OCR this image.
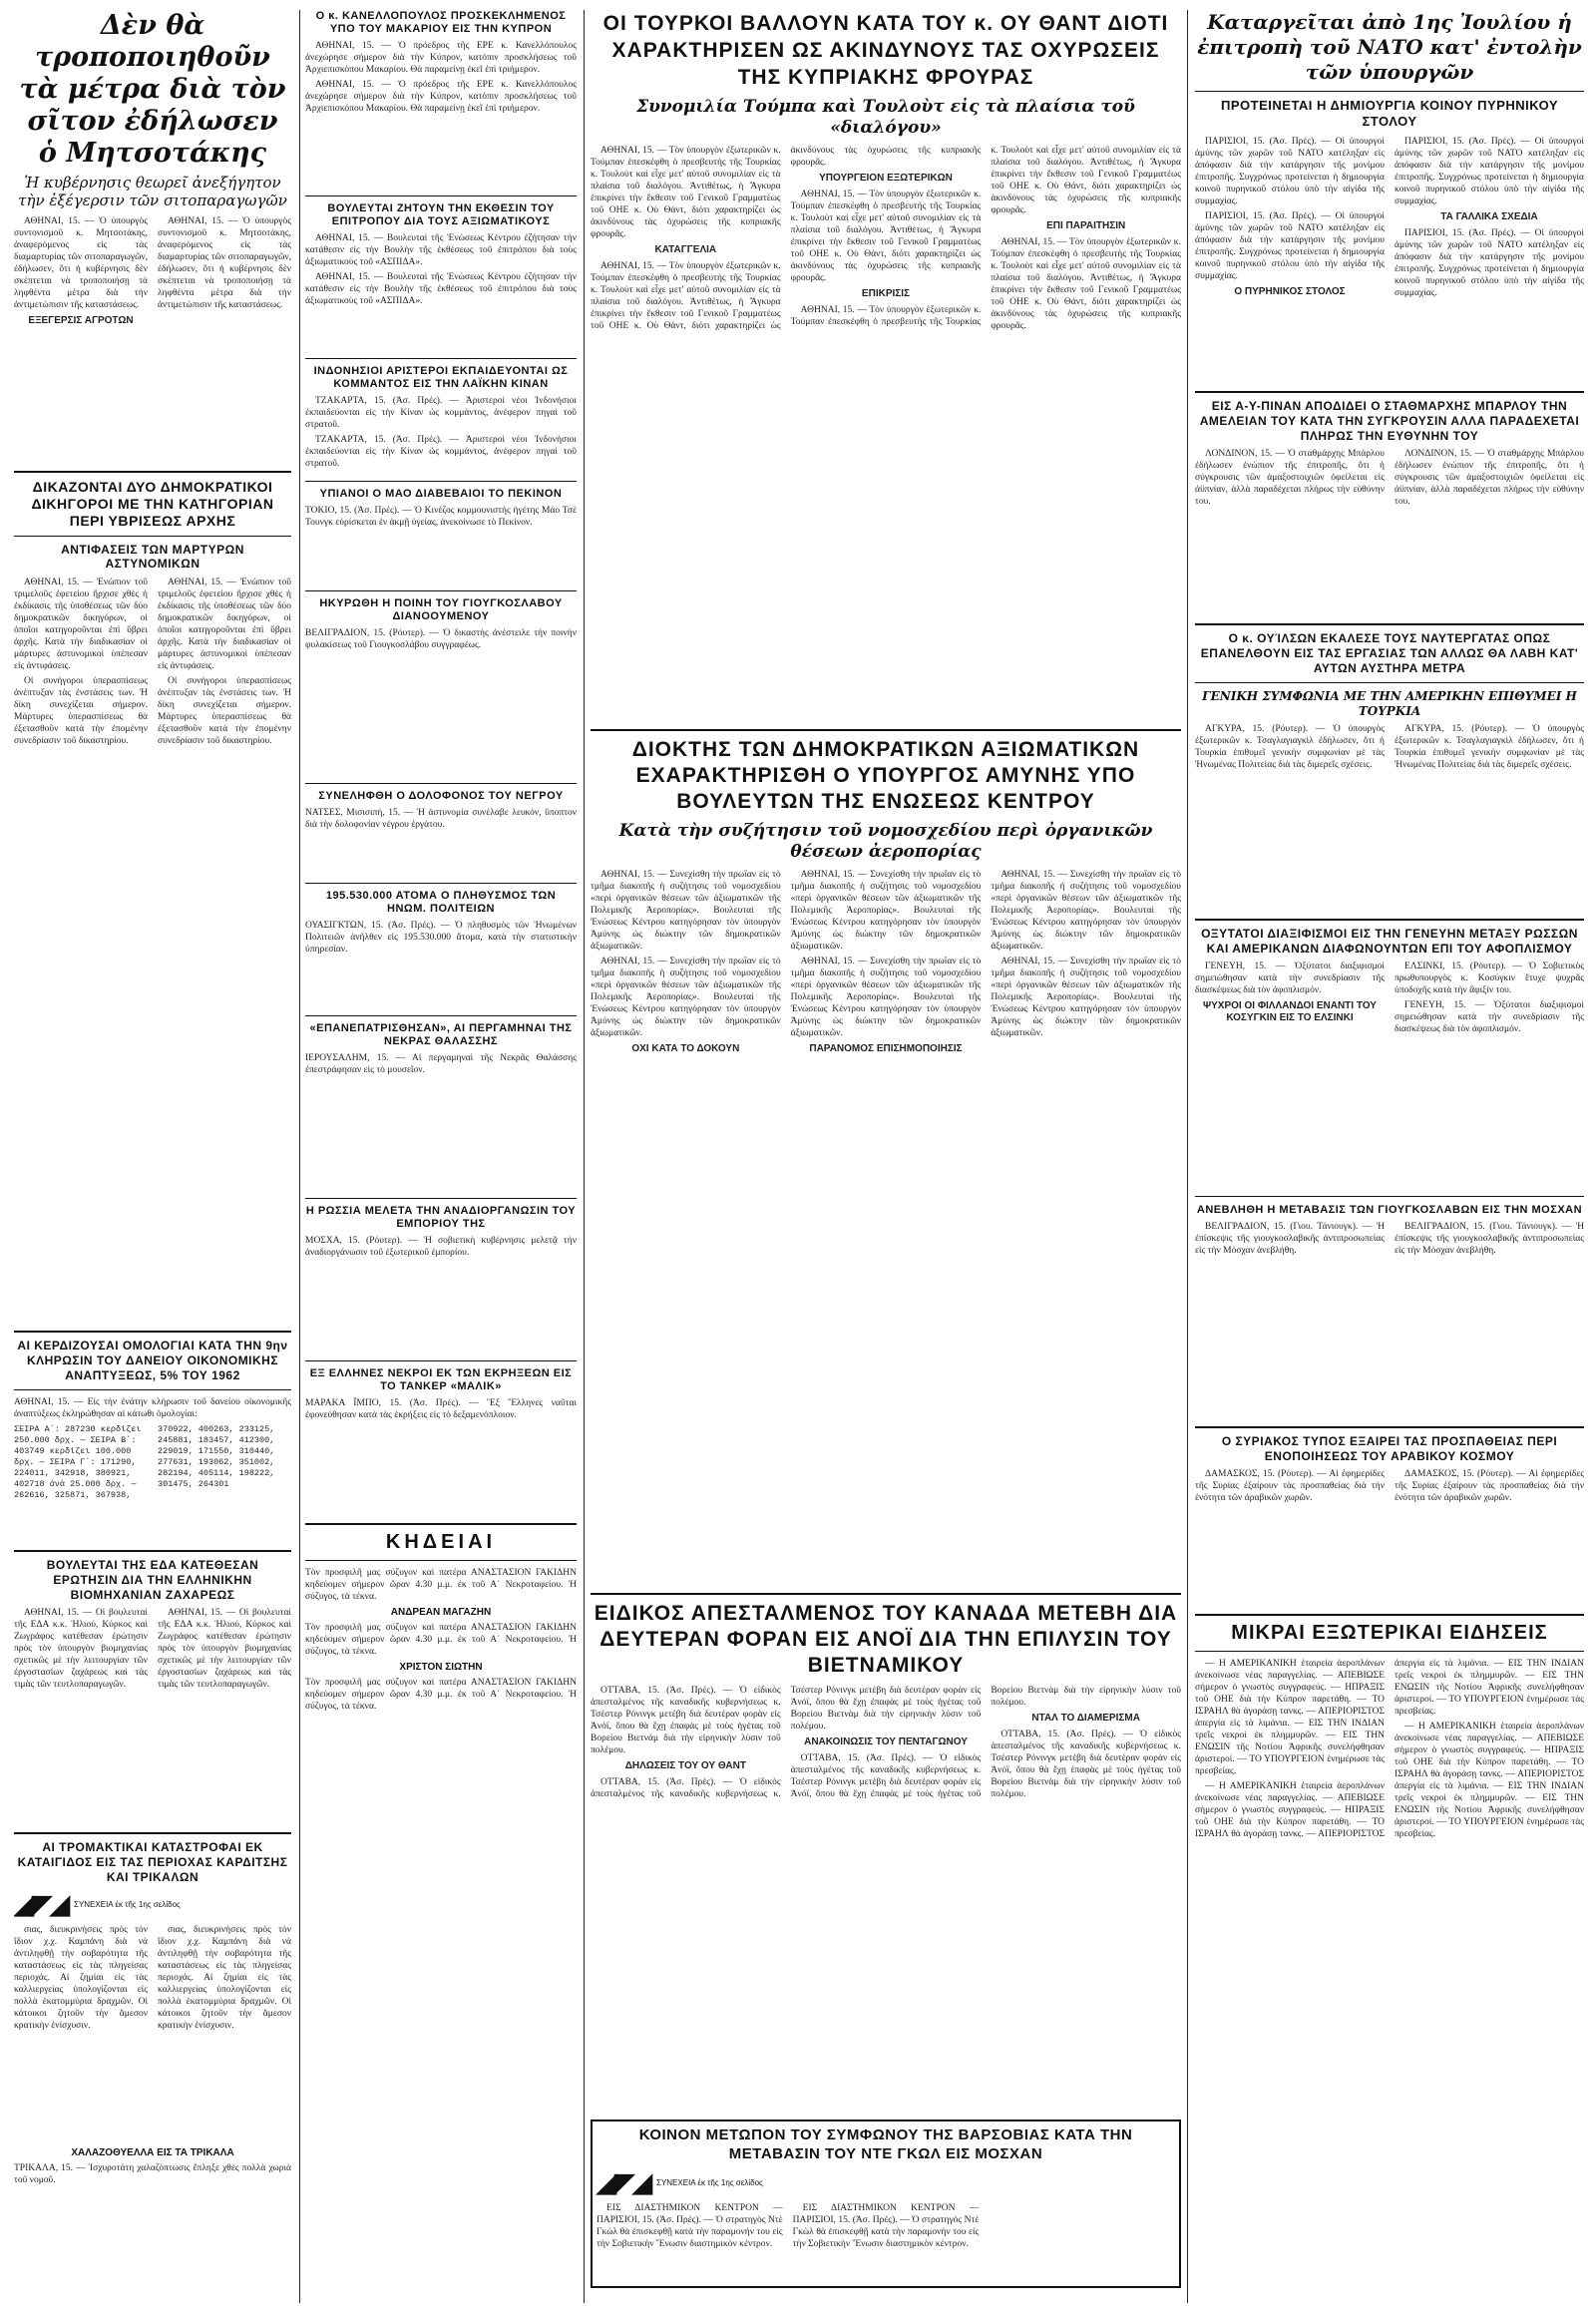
Δὲν θὰ τροποποιηθοῦν τὰ μέτρα διὰ τὸν σῖτον ἐδήλωσεν ὁ Μητσοτάκης
Ἡ κυβέρνησις θεωρεῖ ἀνεξήγητον τὴν ἐξέγερσιν τῶν σιτοπαραγωγῶν

ΑΘΗΝΑΙ, 15. — Ὁ ὑπουργὸς συντονισμοῦ κ. Μητσοτάκης, ἀναφερόμενος εἰς τὰς διαμαρτυρίας τῶν σιτοπαραγωγῶν, ἐδήλωσεν, ὅτι ἡ κυβέρνησις δὲν σκέπτεται νὰ τροποποιήσῃ τὰ ληφθέντα μέτρα διὰ τὴν ἀντιμετώπισιν τῆς καταστάσεως.

ΕΞΕΓΕΡΣΙΣ ΑΓΡΟΤΩΝ

ΑΘΗΝΑΙ, 15. — Ὁ ὑπουργὸς συντονισμοῦ κ. Μητσοτάκης, ἀναφερόμενος εἰς τὰς διαμαρτυρίας τῶν σιτοπαραγωγῶν, ἐδήλωσεν, ὅτι ἡ κυβέρνησις δὲν σκέπτεται νὰ τροποποιήσῃ τὰ ληφθέντα μέτρα διὰ τὴν ἀντιμετώπισιν τῆς καταστάσεως.

ΔΙΚΑΖΟΝΤΑΙ ΔΥΟ ΔΗΜΟΚΡΑΤΙΚΟΙ ΔΙΚΗΓΟΡΟΙ ΜΕ ΤΗΝ ΚΑΤΗΓΟΡΙΑΝ ΠΕΡΙ ΥΒΡΙΣΕΩΣ ΑΡΧΗΣ
ΑΝΤΙΦΑΣΕΙΣ ΤΩΝ ΜΑΡΤΥΡΩΝ ΑΣΤΥΝΟΜΙΚΩΝ

ΑΘΗΝΑΙ, 15. — Ἐνώπιον τοῦ τριμελοῦς ἐφετείου ἤρχισε χθὲς ἡ ἐκδίκασις τῆς ὑποθέσεως τῶν δύο δημοκρατικῶν δικηγόρων, οἱ ὁποῖοι κατηγοροῦνται ἐπὶ ὕβρει ἀρχῆς. Κατὰ τὴν διαδικασίαν οἱ μάρτυρες ἀστυνομικοὶ ὑπέπεσαν εἰς ἀντιφάσεις.

Οἱ συνήγοροι ὑπερασπίσεως ἀνέπτυξαν τὰς ἐνστάσεις των. Ἡ δίκη συνεχίζεται σήμερον. Μάρτυρες ὑπερασπίσεως θὰ ἐξετασθοῦν κατὰ τὴν ἐπομένην συνεδρίασιν τοῦ δικαστηρίου.

ΑΘΗΝΑΙ, 15. — Ἐνώπιον τοῦ τριμελοῦς ἐφετείου ἤρχισε χθὲς ἡ ἐκδίκασις τῆς ὑποθέσεως τῶν δύο δημοκρατικῶν δικηγόρων, οἱ ὁποῖοι κατηγοροῦνται ἐπὶ ὕβρει ἀρχῆς. Κατὰ τὴν διαδικασίαν οἱ μάρτυρες ἀστυνομικοὶ ὑπέπεσαν εἰς ἀντιφάσεις.

Οἱ συνήγοροι ὑπερασπίσεως ἀνέπτυξαν τὰς ἐνστάσεις των. Ἡ δίκη συνεχίζεται σήμερον. Μάρτυρες ὑπερασπίσεως θὰ ἐξετασθοῦν κατὰ τὴν ἐπομένην συνεδρίασιν τοῦ δικαστηρίου.

ΑΙ ΚΕΡΔΙΖΟΥΣΑΙ ΟΜΟΛΟΓΙΑΙ ΚΑΤΑ ΤΗΝ 9ην ΚΛΗΡΩΣΙΝ ΤΟΥ ΔΑΝΕΙΟΥ ΟΙΚΟΝΟΜΙΚΗΣ ΑΝΑΠΤΥΞΕΩΣ, 5% ΤΟΥ 1962
ΑΘΗΝΑΙ, 15. — Εἰς τὴν ἐνάτην κλήρωσιν τοῦ δανείου οἰκονομικῆς ἀναπτύξεως ἐκληρώθησαν αἱ κάτωθι ὁμολογίαι:
ΣΕΙΡΑ Α΄: 287230 κερδίζει 250.000 δρχ. — ΣΕΙΡΑ Β΄: 403749 κερδίζει 100.000 δρχ. — ΣΕΙΡΑ Γ΄: 171290, 224011, 342918, 380921, 402718 ἀνὰ 25.000 δρχ. — 262616, 325871, 367938, 370922, 400263, 233125, 245881, 183457, 412300, 229019, 171550, 310440, 277631, 193062, 351002, 282194, 405114, 198222, 301475, 264301
ΒΟΥΛΕΥΤΑΙ ΤΗΣ ΕΔΑ ΚΑΤΕΘΕΣΑΝ ΕΡΩΤΗΣΙΝ ΔΙΑ ΤΗΝ ΕΛΛΗΝΙΚΗΝ ΒΙΟΜΗΧΑΝΙΑΝ ΖΑΧΑΡΕΩΣ

ΑΘΗΝΑΙ, 15. — Οἱ βουλευταὶ τῆς ΕΔΑ κ.κ. Ἠλιού, Κύρκος καὶ Ζωγράφος κατέθεσαν ἐρώτησιν πρὸς τὸν ὑπουργὸν βιομηχανίας σχετικῶς μὲ τὴν λειτουργίαν τῶν ἐργοστασίων ζαχάρεως καὶ τὰς τιμὰς τῶν τευτλοπαραγωγῶν.

ΑΘΗΝΑΙ, 15. — Οἱ βουλευταὶ τῆς ΕΔΑ κ.κ. Ἠλιού, Κύρκος καὶ Ζωγράφος κατέθεσαν ἐρώτησιν πρὸς τὸν ὑπουργὸν βιομηχανίας σχετικῶς μὲ τὴν λειτουργίαν τῶν ἐργοστασίων ζαχάρεως καὶ τὰς τιμὰς τῶν τευτλοπαραγωγῶν.

ΑΙ ΤΡΟΜΑΚΤΙΚΑΙ ΚΑΤΑΣΤΡΟΦΑΙ ΕΚ ΚΑΤΑΙΓΙΔΟΣ ΕΙΣ ΤΑΣ ΠΕΡΙΟΧΑΣ ΚΑΡΔΙΤΣΗΣ ΚΑΙ ΤΡΙΚΑΛΩΝ
◢◤◢ ΣΥΝΕΧΕΙΑ ἐκ τῆς 1ης σελίδος

σιας, διευκρινήσεις πρὸς τὸν ἴδιον χ.χ. Καμπάνη διὰ νὰ ἀντιληφθῇ τὴν σοβαρότητα τῆς καταστάσεως εἰς τὰς πληγείσας περιοχάς. Αἱ ζημίαι εἰς τὰς καλλιεργείας ὑπολογίζονται εἰς πολλὰ ἑκατομμύρια δραχμῶν. Οἱ κάτοικοι ζητοῦν τὴν ἄμεσον κρατικὴν ἐνίσχυσιν.

σιας, διευκρινήσεις πρὸς τὸν ἴδιον χ.χ. Καμπάνη διὰ νὰ ἀντιληφθῇ τὴν σοβαρότητα τῆς καταστάσεως εἰς τὰς πληγείσας περιοχάς. Αἱ ζημίαι εἰς τὰς καλλιεργείας ὑπολογίζονται εἰς πολλὰ ἑκατομμύρια δραχμῶν. Οἱ κάτοικοι ζητοῦν τὴν ἄμεσον κρατικὴν ἐνίσχυσιν.

ΧΑΛΑΖΟΘΥΕΛΛΑ ΕΙΣ ΤΑ ΤΡΙΚΑΛΑ
ΤΡΙΚΑΛΑ, 15. — Ἰσχυροτάτη χαλαζόπτωσις ἔπληξε χθὲς πολλὰ χωριὰ τοῦ νομοῦ.
Ο κ. ΚΑΝΕΛΛΟΠΟΥΛΟΣ ΠΡΟΣΚΕΚΛΗΜΕΝΟΣ ΥΠΟ ΤΟΥ ΜΑΚΑΡΙΟΥ ΕΙΣ ΤΗΝ ΚΥΠΡΟΝ

ΑΘΗΝΑΙ, 15. — Ὁ πρόεδρος τῆς ΕΡΕ κ. Κανελλόπουλος ἀνεχώρησε σήμερον διὰ τὴν Κύπρον, κατόπιν προσκλήσεως τοῦ Ἀρχιεπισκόπου Μακαρίου. Θὰ παραμείνῃ ἐκεῖ ἐπὶ τριήμερον.

ΑΘΗΝΑΙ, 15. — Ὁ πρόεδρος τῆς ΕΡΕ κ. Κανελλόπουλος ἀνεχώρησε σήμερον διὰ τὴν Κύπρον, κατόπιν προσκλήσεως τοῦ Ἀρχιεπισκόπου Μακαρίου. Θὰ παραμείνῃ ἐκεῖ ἐπὶ τριήμερον.

ΒΟΥΛΕΥΤΑΙ ΖΗΤΟΥΝ ΤΗΝ ΕΚΘΕΣΙΝ ΤΟΥ ΕΠΙΤΡΟΠΟΥ ΔΙΑ ΤΟΥΣ ΑΞΙΩΜΑΤΙΚΟΥΣ

ΑΘΗΝΑΙ, 15. — Βουλευταὶ τῆς Ἑνώσεως Κέντρου ἐζήτησαν τὴν κατάθεσιν εἰς τὴν Βουλὴν τῆς ἐκθέσεως τοῦ ἐπιτρόπου διὰ τοὺς ἀξιωματικοὺς τοῦ «ΑΣΠΙΔΑ».

ΑΘΗΝΑΙ, 15. — Βουλευταὶ τῆς Ἑνώσεως Κέντρου ἐζήτησαν τὴν κατάθεσιν εἰς τὴν Βουλὴν τῆς ἐκθέσεως τοῦ ἐπιτρόπου διὰ τοὺς ἀξιωματικοὺς τοῦ «ΑΣΠΙΔΑ».

ΙΝΔΟΝΗΣΙΟΙ ΑΡΙΣΤΕΡΟΙ ΕΚΠΑΙΔΕΥΟΝΤΑΙ ΩΣ ΚΟΜΜΑΝΤΟΣ ΕΙΣ ΤΗΝ ΛΑΪΚΗΝ ΚΙΝΑΝ

ΤΖΑΚΑΡΤΑ, 15. (Ἀσ. Πρές). — Ἀριστεροὶ νέοι Ἰνδονήσιοι ἐκπαιδεύονται εἰς τὴν Κίναν ὡς κομμάντος, ἀνέφερον πηγαὶ τοῦ στρατοῦ.

ΤΖΑΚΑΡΤΑ, 15. (Ἀσ. Πρές). — Ἀριστεροὶ νέοι Ἰνδονήσιοι ἐκπαιδεύονται εἰς τὴν Κίναν ὡς κομμάντος, ἀνέφερον πηγαὶ τοῦ στρατοῦ.

ΥΠΙΑΝΟΙ Ο ΜΑΟ ΔΙΑΒΕΒΑΙΟΙ ΤΟ ΠΕΚΙΝΟΝ
ΤΟΚΙΟ, 15. (Ἀσ. Πρές). — Ὁ Κινέζος κομμουνιστὴς ἡγέτης Μάο Τσὲ Τουνγκ εὑρίσκεται ἐν ἀκμῇ ὑγείας, ἀνεκοίνωσε τὸ Πεκίνον.
ΗΚΥΡΩΘΗ Η ΠΟΙΝΗ ΤΟΥ ΓΙΟΥΓΚΟΣΛΑΒΟΥ ΔΙΑΝΟΟΥΜΕΝΟΥ
ΒΕΛΙΓΡΑΔΙΟΝ, 15. (Ρόυτερ). — Ὁ δικαστὴς ἀνέστειλε τὴν ποινὴν φυλακίσεως τοῦ Γιουγκοσλάβου συγγραφέως.
ΣΥΝΕΛΗΦΘΗ Ο ΔΟΛΟΦΟΝΟΣ ΤΟΥ ΝΕΓΡΟΥ
ΝΑΤΣΕΣ, Μισισιπή, 15. — Ἡ ἀστυνομία συνέλαβε λευκόν, ὕποπτον διὰ τὴν δολοφονίαν νέγρου ἐργάτου.
195.530.000 ΑΤΟΜΑ Ο ΠΛΗΘΥΣΜΟΣ ΤΩΝ ΗΝΩΜ. ΠΟΛΙΤΕΙΩΝ
ΟΥΑΣΙΓΚΤΩΝ, 15. (Ἀσ. Πρές). — Ὁ πληθυσμὸς τῶν Ἡνωμένων Πολιτειῶν ἀνῆλθεν εἰς 195.530.000 ἄτομα, κατὰ τὴν στατιστικὴν ὑπηρεσίαν.
«ΕΠΑΝΕΠΑΤΡΙΣΘΗΣΑΝ», ΑΙ ΠΕΡΓΑΜΗΝΑΙ ΤΗΣ ΝΕΚΡΑΣ ΘΑΛΑΣΣΗΣ
ΙΕΡΟΥΣΑΛΗΜ, 15. — Αἱ περγαμηναὶ τῆς Νεκρᾶς Θαλάσσης ἐπεστράφησαν εἰς τὸ μουσεῖον.
Η ΡΩΣΣΙΑ ΜΕΛΕΤΑ ΤΗΝ ΑΝΑΔΙΟΡΓΑΝΩΣΙΝ ΤΟΥ ΕΜΠΟΡΙΟΥ ΤΗΣ
ΜΟΣΧΑ, 15. (Ρόυτερ). — Ἡ σοβιετικὴ κυβέρνησις μελετᾷ τὴν ἀναδιοργάνωσιν τοῦ ἐξωτερικοῦ ἐμπορίου.
ΕΞ ΕΛΛΗΝΕΣ ΝΕΚΡΟΙ ΕΚ ΤΩΝ ΕΚΡΗΞΕΩΝ ΕΙΣ ΤΟ ΤΑΝΚΕΡ «ΜΑΛΙΚ»
ΜΑΡΑΚΑ ΪΜΠΟ, 15. (Ἀσ. Πρές). — Ἓξ Ἕλληνες ναῦται ἐφονεύθησαν κατὰ τὰς ἐκρήξεις εἰς τὸ δεξαμενόπλοιον.
ΚΗΔΕΙΑΙ
Τὸν προσφιλῆ μας σύζυγον καὶ πατέρα ΑΝΑΣΤΑΣΙΟΝ ΓΑΚΙΔΗΝ κηδεύομεν σήμερον ὥραν 4.30 μ.μ. ἐκ τοῦ Α΄ Νεκροταφείου. Ἡ σύζυγος, τὰ τέκνα.
ΑΝΔΡΕΑΝ ΜΑΓΑΖΗΝ
Τὸν προσφιλῆ μας σύζυγον καὶ πατέρα ΑΝΑΣΤΑΣΙΟΝ ΓΑΚΙΔΗΝ κηδεύομεν σήμερον ὥραν 4.30 μ.μ. ἐκ τοῦ Α΄ Νεκροταφείου. Ἡ σύζυγος, τὰ τέκνα.
ΧΡΙΣΤΟΝ ΣΙΩΤΗΝ
Τὸν προσφιλῆ μας σύζυγον καὶ πατέρα ΑΝΑΣΤΑΣΙΟΝ ΓΑΚΙΔΗΝ κηδεύομεν σήμερον ὥραν 4.30 μ.μ. ἐκ τοῦ Α΄ Νεκροταφείου. Ἡ σύζυγος, τὰ τέκνα.
ΟΙ ΤΟΥΡΚΟΙ ΒΑΛΛΟΥΝ ΚΑΤΑ ΤΟΥ κ. ΟΥ ΘΑΝΤ ΔΙΟΤΙ ΧΑΡΑΚΤΗΡΙΣΕΝ ΩΣ ΑΚΙΝΔΥΝΟΥΣ ΤΑΣ ΟΧΥΡΩΣΕΙΣ ΤΗΣ ΚΥΠΡΙΑΚΗΣ ΦΡΟΥΡΑΣ
Συνομιλία Τούμπα καὶ Τουλοὺτ εἰς τὰ πλαίσια τοῦ «διαλόγου»

ΑΘΗΝΑΙ, 15. — Τὸν ὑπουργὸν ἐξωτερικῶν κ. Τούμπαν ἐπεσκέφθη ὁ πρεσβευτὴς τῆς Τουρκίας κ. Τουλοὺτ καὶ εἶχε μετ' αὐτοῦ συνομιλίαν εἰς τὰ πλαίσια τοῦ διαλόγου. Ἀντιθέτως, ἡ Ἄγκυρα ἐπικρίνει τὴν ἔκθεσιν τοῦ Γενικοῦ Γραμματέως τοῦ ΟΗΕ κ. Οὺ Θάντ, διότι χαρακτηρίζει ὡς ἀκινδύνους τὰς ὀχυρώσεις τῆς κυπριακῆς φρουρᾶς.

ΚΑΤΑΓΓΕΛΙΑ

ΑΘΗΝΑΙ, 15. — Τὸν ὑπουργὸν ἐξωτερικῶν κ. Τούμπαν ἐπεσκέφθη ὁ πρεσβευτὴς τῆς Τουρκίας κ. Τουλοὺτ καὶ εἶχε μετ' αὐτοῦ συνομιλίαν εἰς τὰ πλαίσια τοῦ διαλόγου. Ἀντιθέτως, ἡ Ἄγκυρα ἐπικρίνει τὴν ἔκθεσιν τοῦ Γενικοῦ Γραμματέως τοῦ ΟΗΕ κ. Οὺ Θάντ, διότι χαρακτηρίζει ὡς ἀκινδύνους τὰς ὀχυρώσεις τῆς κυπριακῆς φρουρᾶς.

ΥΠΟΥΡΓΕΙΟΝ ΕΞΩΤΕΡΙΚΩΝ

ΑΘΗΝΑΙ, 15. — Τὸν ὑπουργὸν ἐξωτερικῶν κ. Τούμπαν ἐπεσκέφθη ὁ πρεσβευτὴς τῆς Τουρκίας κ. Τουλοὺτ καὶ εἶχε μετ' αὐτοῦ συνομιλίαν εἰς τὰ πλαίσια τοῦ διαλόγου. Ἀντιθέτως, ἡ Ἄγκυρα ἐπικρίνει τὴν ἔκθεσιν τοῦ Γενικοῦ Γραμματέως τοῦ ΟΗΕ κ. Οὺ Θάντ, διότι χαρακτηρίζει ὡς ἀκινδύνους τὰς ὀχυρώσεις τῆς κυπριακῆς φρουρᾶς.

ΕΠΙΚΡΙΣΙΣ

ΑΘΗΝΑΙ, 15. — Τὸν ὑπουργὸν ἐξωτερικῶν κ. Τούμπαν ἐπεσκέφθη ὁ πρεσβευτὴς τῆς Τουρκίας κ. Τουλοὺτ καὶ εἶχε μετ' αὐτοῦ συνομιλίαν εἰς τὰ πλαίσια τοῦ διαλόγου. Ἀντιθέτως, ἡ Ἄγκυρα ἐπικρίνει τὴν ἔκθεσιν τοῦ Γενικοῦ Γραμματέως τοῦ ΟΗΕ κ. Οὺ Θάντ, διότι χαρακτηρίζει ὡς ἀκινδύνους τὰς ὀχυρώσεις τῆς κυπριακῆς φρουρᾶς.

ΕΠΙ ΠΑΡΑΙΤΗΣΙΝ

ΑΘΗΝΑΙ, 15. — Τὸν ὑπουργὸν ἐξωτερικῶν κ. Τούμπαν ἐπεσκέφθη ὁ πρεσβευτὴς τῆς Τουρκίας κ. Τουλοὺτ καὶ εἶχε μετ' αὐτοῦ συνομιλίαν εἰς τὰ πλαίσια τοῦ διαλόγου. Ἀντιθέτως, ἡ Ἄγκυρα ἐπικρίνει τὴν ἔκθεσιν τοῦ Γενικοῦ Γραμματέως τοῦ ΟΗΕ κ. Οὺ Θάντ, διότι χαρακτηρίζει ὡς ἀκινδύνους τὰς ὀχυρώσεις τῆς κυπριακῆς φρουρᾶς.

ΔΙΟΚΤΗΣ ΤΩΝ ΔΗΜΟΚΡΑΤΙΚΩΝ ΑΞΙΩΜΑΤΙΚΩΝ ΕΧΑΡΑΚΤΗΡΙΣΘΗ Ο ΥΠΟΥΡΓΟΣ ΑΜΥΝΗΣ ΥΠΟ ΒΟΥΛΕΥΤΩΝ ΤΗΣ ΕΝΩΣΕΩΣ ΚΕΝΤΡΟΥ
Κατὰ τὴν συζήτησιν τοῦ νομοσχεδίου περὶ ὀργανικῶν θέσεων ἀεροπορίας

ΑΘΗΝΑΙ, 15. — Συνεχίσθη τὴν πρωΐαν εἰς τὸ τμῆμα διακοπῆς ἡ συζήτησις τοῦ νομοσχεδίου «περὶ ὀργανικῶν θέσεων τῶν ἀξιωματικῶν τῆς Πολεμικῆς Ἀεροπορίας». Βουλευταὶ τῆς Ἑνώσεως Κέντρου κατηγόρησαν τὸν ὑπουργὸν Ἀμύνης ὡς διώκτην τῶν δημοκρατικῶν ἀξιωματικῶν.

ΑΘΗΝΑΙ, 15. — Συνεχίσθη τὴν πρωΐαν εἰς τὸ τμῆμα διακοπῆς ἡ συζήτησις τοῦ νομοσχεδίου «περὶ ὀργανικῶν θέσεων τῶν ἀξιωματικῶν τῆς Πολεμικῆς Ἀεροπορίας». Βουλευταὶ τῆς Ἑνώσεως Κέντρου κατηγόρησαν τὸν ὑπουργὸν Ἀμύνης ὡς διώκτην τῶν δημοκρατικῶν ἀξιωματικῶν.

ΟΧΙ ΚΑΤΑ ΤΟ ΔΟΚΟΥΝ

ΑΘΗΝΑΙ, 15. — Συνεχίσθη τὴν πρωΐαν εἰς τὸ τμῆμα διακοπῆς ἡ συζήτησις τοῦ νομοσχεδίου «περὶ ὀργανικῶν θέσεων τῶν ἀξιωματικῶν τῆς Πολεμικῆς Ἀεροπορίας». Βουλευταὶ τῆς Ἑνώσεως Κέντρου κατηγόρησαν τὸν ὑπουργὸν Ἀμύνης ὡς διώκτην τῶν δημοκρατικῶν ἀξιωματικῶν.

ΑΘΗΝΑΙ, 15. — Συνεχίσθη τὴν πρωΐαν εἰς τὸ τμῆμα διακοπῆς ἡ συζήτησις τοῦ νομοσχεδίου «περὶ ὀργανικῶν θέσεων τῶν ἀξιωματικῶν τῆς Πολεμικῆς Ἀεροπορίας». Βουλευταὶ τῆς Ἑνώσεως Κέντρου κατηγόρησαν τὸν ὑπουργὸν Ἀμύνης ὡς διώκτην τῶν δημοκρατικῶν ἀξιωματικῶν.

ΠΑΡΑΝΟΜΟΣ ΕΠΙΣΗΜΟΠΟΙΗΣΙΣ

ΑΘΗΝΑΙ, 15. — Συνεχίσθη τὴν πρωΐαν εἰς τὸ τμῆμα διακοπῆς ἡ συζήτησις τοῦ νομοσχεδίου «περὶ ὀργανικῶν θέσεων τῶν ἀξιωματικῶν τῆς Πολεμικῆς Ἀεροπορίας». Βουλευταὶ τῆς Ἑνώσεως Κέντρου κατηγόρησαν τὸν ὑπουργὸν Ἀμύνης ὡς διώκτην τῶν δημοκρατικῶν ἀξιωματικῶν.

ΑΘΗΝΑΙ, 15. — Συνεχίσθη τὴν πρωΐαν εἰς τὸ τμῆμα διακοπῆς ἡ συζήτησις τοῦ νομοσχεδίου «περὶ ὀργανικῶν θέσεων τῶν ἀξιωματικῶν τῆς Πολεμικῆς Ἀεροπορίας». Βουλευταὶ τῆς Ἑνώσεως Κέντρου κατηγόρησαν τὸν ὑπουργὸν Ἀμύνης ὡς διώκτην τῶν δημοκρατικῶν ἀξιωματικῶν.

ΕΙΔΙΚΟΣ ΑΠΕΣΤΑΛΜΕΝΟΣ ΤΟΥ ΚΑΝΑΔΑ ΜΕΤΕΒΗ ΔΙΑ ΔΕΥΤΕΡΑΝ ΦΟΡΑΝ ΕΙΣ ΑΝΟΪ ΔΙΑ ΤΗΝ ΕΠΙΛΥΣΙΝ ΤΟΥ ΒΙΕΤΝΑΜΙΚΟΥ

ΟΤΤΑΒΑ, 15. (Ἀσ. Πρές). — Ὁ εἰδικὸς ἀπεσταλμένος τῆς καναδικῆς κυβερνήσεως κ. Τσέστερ Ρόνινγκ μετέβη διὰ δευτέραν φορὰν εἰς Ἀνόϊ, ὅπου θὰ ἔχῃ ἐπαφὰς μὲ τοὺς ἡγέτας τοῦ Βορείου Βιετνὰμ διὰ τὴν εἰρηνικὴν λύσιν τοῦ πολέμου.

ΔΗΛΩΣΕΙΣ ΤΟΥ ΟΥ ΘΑΝΤ

ΟΤΤΑΒΑ, 15. (Ἀσ. Πρές). — Ὁ εἰδικὸς ἀπεσταλμένος τῆς καναδικῆς κυβερνήσεως κ. Τσέστερ Ρόνινγκ μετέβη διὰ δευτέραν φορὰν εἰς Ἀνόϊ, ὅπου θὰ ἔχῃ ἐπαφὰς μὲ τοὺς ἡγέτας τοῦ Βορείου Βιετνὰμ διὰ τὴν εἰρηνικὴν λύσιν τοῦ πολέμου.

ΑΝΑΚΟΙΝΩΣΙΣ ΤΟΥ ΠΕΝΤΑΓΩΝΟΥ

ΟΤΤΑΒΑ, 15. (Ἀσ. Πρές). — Ὁ εἰδικὸς ἀπεσταλμένος τῆς καναδικῆς κυβερνήσεως κ. Τσέστερ Ρόνινγκ μετέβη διὰ δευτέραν φορὰν εἰς Ἀνόϊ, ὅπου θὰ ἔχῃ ἐπαφὰς μὲ τοὺς ἡγέτας τοῦ Βορείου Βιετνὰμ διὰ τὴν εἰρηνικὴν λύσιν τοῦ πολέμου.

ΝΤΑΛ ΤΟ ΔΙΑΜΕΡΙΣΜΑ

ΟΤΤΑΒΑ, 15. (Ἀσ. Πρές). — Ὁ εἰδικὸς ἀπεσταλμένος τῆς καναδικῆς κυβερνήσεως κ. Τσέστερ Ρόνινγκ μετέβη διὰ δευτέραν φορὰν εἰς Ἀνόϊ, ὅπου θὰ ἔχῃ ἐπαφὰς μὲ τοὺς ἡγέτας τοῦ Βορείου Βιετνὰμ διὰ τὴν εἰρηνικὴν λύσιν τοῦ πολέμου.

ΚΟΙΝΟΝ ΜΕΤΩΠΟΝ ΤΟΥ ΣΥΜΦΩΝΟΥ ΤΗΣ ΒΑΡΣΟΒΙΑΣ ΚΑΤΑ ΤΗΝ ΜΕΤΑΒΑΣΙΝ ΤΟΥ ΝΤΕ ΓΚΩΛ ΕΙΣ ΜΟΣΧΑΝ
◢◤◢ ΣΥΝΕΧΕΙΑ ἐκ τῆς 1ης σελίδος

ΕΙΣ ΔΙΑΣΤΗΜΙΚΟΝ ΚΕΝΤΡΟΝ — ΠΑΡΙΣΙΟΙ, 15. (Ἀσ. Πρές). — Ὁ στρατηγὸς Ντὲ Γκὼλ θὰ ἐπισκεφθῇ κατὰ τὴν παραμονήν του εἰς τὴν Σοβιετικὴν Ἕνωσιν διαστημικὸν κέντρον.

ΕΙΣ ΔΙΑΣΤΗΜΙΚΟΝ ΚΕΝΤΡΟΝ — ΠΑΡΙΣΙΟΙ, 15. (Ἀσ. Πρές). — Ὁ στρατηγὸς Ντὲ Γκὼλ θὰ ἐπισκεφθῇ κατὰ τὴν παραμονήν του εἰς τὴν Σοβιετικὴν Ἕνωσιν διαστημικὸν κέντρον.

Καταργεῖται ἀπὸ 1ης Ἰουλίου ἡ ἐπιτροπὴ τοῦ ΝΑΤΟ κατ' ἐντολὴν τῶν ὑπουργῶν
ΠΡΟΤΕΙΝΕΤΑΙ Η ΔΗΜΙΟΥΡΓΙΑ ΚΟΙΝΟΥ ΠΥΡΗΝΙΚΟΥ ΣΤΟΛΟΥ

ΠΑΡΙΣΙΟΙ, 15. (Ἀσ. Πρές). — Οἱ ὑπουργοὶ ἀμύνης τῶν χωρῶν τοῦ ΝΑΤΟ κατέληξαν εἰς ἀπόφασιν διὰ τὴν κατάργησιν τῆς μονίμου ἐπιτροπῆς. Συγχρόνως προτείνεται ἡ δημιουργία κοινοῦ πυρηνικοῦ στόλου ὑπὸ τὴν αἰγίδα τῆς συμμαχίας.

ΠΑΡΙΣΙΟΙ, 15. (Ἀσ. Πρές). — Οἱ ὑπουργοὶ ἀμύνης τῶν χωρῶν τοῦ ΝΑΤΟ κατέληξαν εἰς ἀπόφασιν διὰ τὴν κατάργησιν τῆς μονίμου ἐπιτροπῆς. Συγχρόνως προτείνεται ἡ δημιουργία κοινοῦ πυρηνικοῦ στόλου ὑπὸ τὴν αἰγίδα τῆς συμμαχίας.

Ο ΠΥΡΗΝΙΚΟΣ ΣΤΟΛΟΣ

ΠΑΡΙΣΙΟΙ, 15. (Ἀσ. Πρές). — Οἱ ὑπουργοὶ ἀμύνης τῶν χωρῶν τοῦ ΝΑΤΟ κατέληξαν εἰς ἀπόφασιν διὰ τὴν κατάργησιν τῆς μονίμου ἐπιτροπῆς. Συγχρόνως προτείνεται ἡ δημιουργία κοινοῦ πυρηνικοῦ στόλου ὑπὸ τὴν αἰγίδα τῆς συμμαχίας.

ΤΑ ΓΑΛΛΙΚΑ ΣΧΕΔΙΑ

ΠΑΡΙΣΙΟΙ, 15. (Ἀσ. Πρές). — Οἱ ὑπουργοὶ ἀμύνης τῶν χωρῶν τοῦ ΝΑΤΟ κατέληξαν εἰς ἀπόφασιν διὰ τὴν κατάργησιν τῆς μονίμου ἐπιτροπῆς. Συγχρόνως προτείνεται ἡ δημιουργία κοινοῦ πυρηνικοῦ στόλου ὑπὸ τὴν αἰγίδα τῆς συμμαχίας.

ΕΙΣ Α-Υ-ΠΙΝΑΝ ΑΠΟΔΙΔΕΙ Ο ΣΤΑΘΜΑΡΧΗΣ ΜΠΑΡΛΟΥ ΤΗΝ ΑΜΕΛΕΙΑΝ ΤΟΥ ΚΑΤΑ ΤΗΝ ΣΥΓΚΡΟΥΣΙΝ ΑΛΛΑ ΠΑΡΑΔΕΧΕΤΑΙ ΠΛΗΡΩΣ ΤΗΝ ΕΥΘΥΝΗΝ ΤΟΥ

ΛΟΝΔΙΝΟΝ, 15. — Ὁ σταθμάρχης Μπάρλου ἐδήλωσεν ἐνώπιον τῆς ἐπιτροπῆς, ὅτι ἡ σύγκρουσις τῶν ἁμαξοστοιχιῶν ὀφείλεται εἰς ἀϋπνίαν, ἀλλὰ παραδέχεται πλήρως τὴν εὐθύνην του.

ΛΟΝΔΙΝΟΝ, 15. — Ὁ σταθμάρχης Μπάρλου ἐδήλωσεν ἐνώπιον τῆς ἐπιτροπῆς, ὅτι ἡ σύγκρουσις τῶν ἁμαξοστοιχιῶν ὀφείλεται εἰς ἀϋπνίαν, ἀλλὰ παραδέχεται πλήρως τὴν εὐθύνην του.

Ο κ. ΟΥΊΛΣΩΝ ΕΚΑΛΕΣΕ ΤΟΥΣ ΝΑΥΤΕΡΓΑΤΑΣ ΟΠΩΣ ΕΠΑΝΕΛΘΟΥΝ ΕΙΣ ΤΑΣ ΕΡΓΑΣΙΑΣ ΤΩΝ ΑΛΛΩΣ ΘΑ ΛΑΒΗ ΚΑΤ' ΑΥΤΩΝ ΑΥΣΤΗΡΑ ΜΕΤΡΑ
ΓΕΝΙΚΗ ΣΥΜΦΩΝΙΑ ΜΕ ΤΗΝ ΑΜΕΡΙΚΗΝ ΕΠΙΘΥΜΕΙ Η ΤΟΥΡΚΙΑ

ΑΓΚΥΡΑ, 15. (Ρόυτερ). — Ὁ ὑπουργὸς ἐξωτερικῶν κ. Τσαγλαγιαγκὶλ ἐδήλωσεν, ὅτι ἡ Τουρκία ἐπιθυμεῖ γενικὴν συμφωνίαν μὲ τὰς Ἡνωμένας Πολιτείας διὰ τὰς διμερεῖς σχέσεις.

ΑΓΚΥΡΑ, 15. (Ρόυτερ). — Ὁ ὑπουργὸς ἐξωτερικῶν κ. Τσαγλαγιαγκὶλ ἐδήλωσεν, ὅτι ἡ Τουρκία ἐπιθυμεῖ γενικὴν συμφωνίαν μὲ τὰς Ἡνωμένας Πολιτείας διὰ τὰς διμερεῖς σχέσεις.

ΟΞΥΤΑΤΟΙ ΔΙΑΞΙΦΙΣΜΟΙ ΕΙΣ ΤΗΝ ΓΕΝΕΥΗΝ ΜΕΤΑΞΥ ΡΩΣΣΩΝ ΚΑΙ ΑΜΕΡΙΚΑΝΩΝ ΔΙΑΦΩΝΟΥΝΤΩΝ ΕΠΙ ΤΟΥ ΑΦΟΠΛΙΣΜΟΥ

ΓΕΝΕΥΗ, 15. — Ὀξύτατοι διαξιφισμοὶ σημειώθησαν κατὰ τὴν συνεδρίασιν τῆς διασκέψεως διὰ τὸν ἀφοπλισμόν.

ΨΥΧΡΟΙ ΟΙ ΦΙΛΛΑΝΔΟΙ ΕΝΑΝΤΙ ΤΟΥ ΚΟΣΥΓΚΙΝ ΕΙΣ ΤΟ ΕΛΣΙΝΚΙ

ΕΛΣΙΝΚΙ, 15. (Ρόυτερ). — Ὁ Σοβιετικὸς πρωθυπουργὸς κ. Κοσύγκιν ἔτυχε ψυχρᾶς ὑποδοχῆς κατὰ τὴν ἄφιξίν του.

ΓΕΝΕΥΗ, 15. — Ὀξύτατοι διαξιφισμοὶ σημειώθησαν κατὰ τὴν συνεδρίασιν τῆς διασκέψεως διὰ τὸν ἀφοπλισμόν.

ΑΝΕΒΛΗΘΗ Η ΜΕΤΑΒΑΣΙΣ ΤΩΝ ΓΙΟΥΓΚΟΣΛΑΒΩΝ ΕΙΣ ΤΗΝ ΜΟΣΧΑΝ

ΒΕΛΙΓΡΑΔΙΟΝ, 15. (Γιου. Τάνιουγκ). — Ἡ ἐπίσκεψις τῆς γιουγκοσλαβικῆς ἀντιπροσωπείας εἰς τὴν Μόσχαν ἀνεβλήθη.

ΒΕΛΙΓΡΑΔΙΟΝ, 15. (Γιου. Τάνιουγκ). — Ἡ ἐπίσκεψις τῆς γιουγκοσλαβικῆς ἀντιπροσωπείας εἰς τὴν Μόσχαν ἀνεβλήθη.

Ο ΣΥΡΙΑΚΟΣ ΤΥΠΟΣ ΕΞΑΙΡΕΙ ΤΑΣ ΠΡΟΣΠΑΘΕΙΑΣ ΠΕΡΙ ΕΝΟΠΟΙΗΣΕΩΣ ΤΟΥ ΑΡΑΒΙΚΟΥ ΚΟΣΜΟΥ

ΔΑΜΑΣΚΟΣ, 15. (Ρόυτερ). — Αἱ ἐφημερίδες τῆς Συρίας ἐξαίρουν τὰς προσπαθείας διὰ τὴν ἑνότητα τῶν ἀραβικῶν χωρῶν.

ΔΑΜΑΣΚΟΣ, 15. (Ρόυτερ). — Αἱ ἐφημερίδες τῆς Συρίας ἐξαίρουν τὰς προσπαθείας διὰ τὴν ἑνότητα τῶν ἀραβικῶν χωρῶν.

ΜΙΚΡΑΙ ΕΞΩΤΕΡΙΚΑΙ ΕΙΔΗΣΕΙΣ

— Η ΑΜΕΡΙΚΑΝΙΚΗ ἑταιρεία ἀεροπλάνων ἀνεκοίνωσε νέας παραγγελίας. — ΑΠΕΒΙΩΣΕ σήμερον ὁ γνωστὸς συγγραφεύς. — ΗΠΡΑΞΙΣ τοῦ ΟΗΕ διὰ τὴν Κύπρον παρετάθη. — ΤΟ ΙΣΡΑΗΛ θὰ ἀγοράσῃ τανκς. — ΑΠΕΡΙΟΡΙΣΤΟΣ ἀπεργία εἰς τὰ λιμάνια. — ΕΙΣ ΤΗΝ ΙΝΔΙΑΝ τρεῖς νεκροὶ ἐκ πλημμυρῶν. — ΕΙΣ ΤΗΝ ΕΝΩΣΙΝ τῆς Νοτίου Ἀφρικῆς συνελήφθησαν ἀριστεροί. — ΤΟ ΥΠΟΥΡΓΕΙΟΝ ἐνημέρωσε τὰς πρεσβείας.

— Η ΑΜΕΡΙΚΑΝΙΚΗ ἑταιρεία ἀεροπλάνων ἀνεκοίνωσε νέας παραγγελίας. — ΑΠΕΒΙΩΣΕ σήμερον ὁ γνωστὸς συγγραφεύς. — ΗΠΡΑΞΙΣ τοῦ ΟΗΕ διὰ τὴν Κύπρον παρετάθη. — ΤΟ ΙΣΡΑΗΛ θὰ ἀγοράσῃ τανκς. — ΑΠΕΡΙΟΡΙΣΤΟΣ ἀπεργία εἰς τὰ λιμάνια. — ΕΙΣ ΤΗΝ ΙΝΔΙΑΝ τρεῖς νεκροὶ ἐκ πλημμυρῶν. — ΕΙΣ ΤΗΝ ΕΝΩΣΙΝ τῆς Νοτίου Ἀφρικῆς συνελήφθησαν ἀριστεροί. — ΤΟ ΥΠΟΥΡΓΕΙΟΝ ἐνημέρωσε τὰς πρεσβείας.

— Η ΑΜΕΡΙΚΑΝΙΚΗ ἑταιρεία ἀεροπλάνων ἀνεκοίνωσε νέας παραγγελίας. — ΑΠΕΒΙΩΣΕ σήμερον ὁ γνωστὸς συγγραφεύς. — ΗΠΡΑΞΙΣ τοῦ ΟΗΕ διὰ τὴν Κύπρον παρετάθη. — ΤΟ ΙΣΡΑΗΛ θὰ ἀγοράσῃ τανκς. — ΑΠΕΡΙΟΡΙΣΤΟΣ ἀπεργία εἰς τὰ λιμάνια. — ΕΙΣ ΤΗΝ ΙΝΔΙΑΝ τρεῖς νεκροὶ ἐκ πλημμυρῶν. — ΕΙΣ ΤΗΝ ΕΝΩΣΙΝ τῆς Νοτίου Ἀφρικῆς συνελήφθησαν ἀριστεροί. — ΤΟ ΥΠΟΥΡΓΕΙΟΝ ἐνημέρωσε τὰς πρεσβείας.
